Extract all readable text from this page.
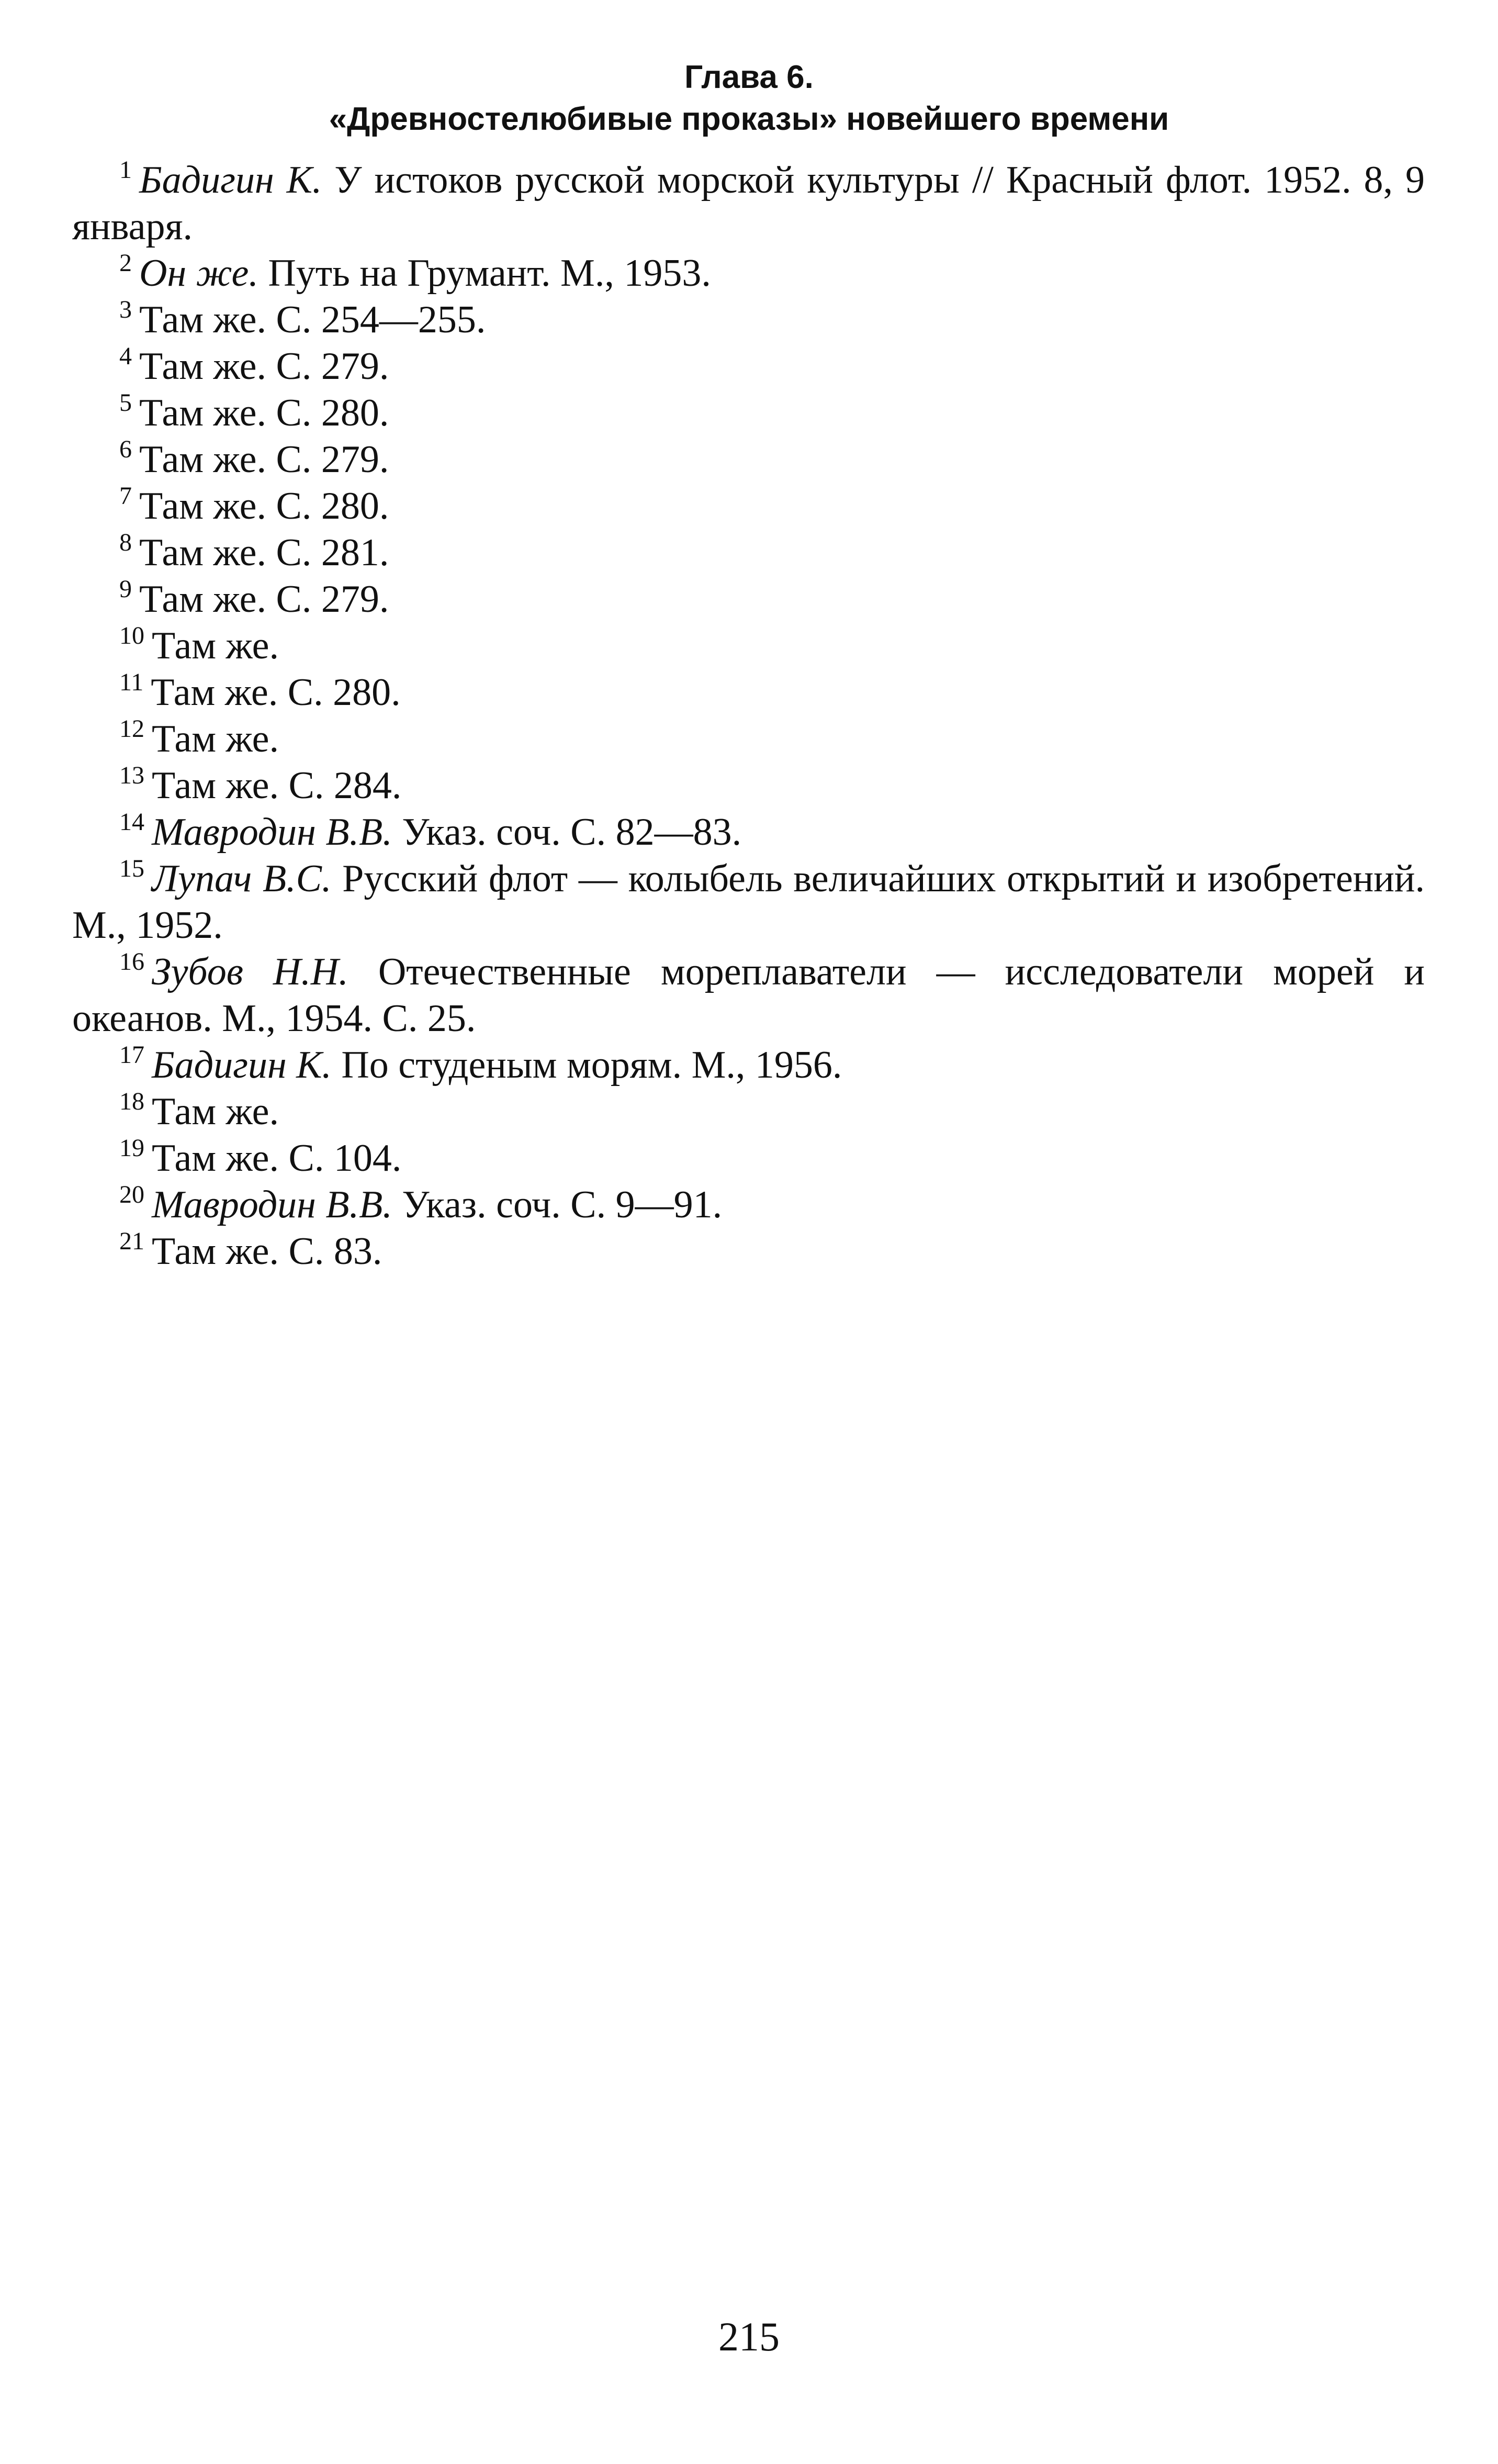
Глава 6.
«Древностелюбивые проказы» новейшего времени

$^1$ Бадигин К. У истоков русской морской культуры // Красный флот. 1952. 8, 9 января.

$^2$ Он же. Путь на Грумант. М., 1953.

$^3$ Там же. С. 254—255.

$^4$ Там же. С. 279.

$^5$ Там же. С. 280.

$^6$ Там же. С. 279.

$^7$ Там же. С. 280.

$^8$ Там же. С. 281.

$^9$ Там же. С. 279.

$^{10}$ Там же.

$^{11}$ Там же. С. 280.

$^{12}$ Там же.

$^{13}$ Там же. С. 284.

$^{14}$ Мавродин В.В. Указ. соч. С. 82—83.

$^{15}$ Лупач В.С. Русский флот — колыбель величайших открытий и изобретений. М., 1952.

$^{16}$ Зубов Н.Н. Отечественные мореплаватели — исследователи морей и океанов. М., 1954. С. 25.

$^{17}$ Бадигин К. По студеным морям. М., 1956.

$^{18}$ Там же.

$^{19}$ Там же. С. 104.

$^{20}$ Мавродин В.В. Указ. соч. С. 9—91.

$^{21}$ Там же. С. 83.

215
